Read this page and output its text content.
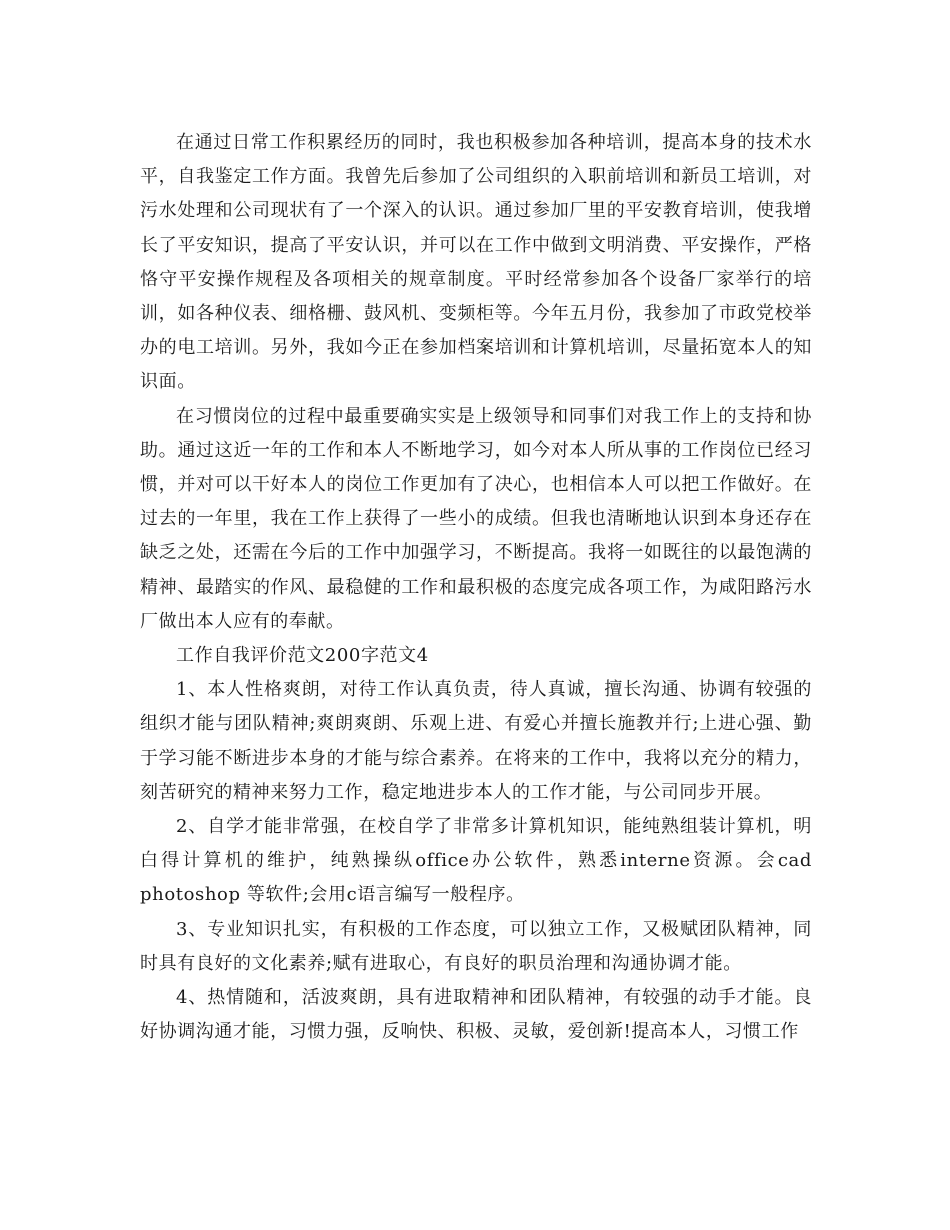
在通过日常工作积累经历的同时，我也积极参加各种培训，提高本身的技术水平，自我鉴定工作方面。我曾先后参加了公司组织的入职前培训和新员工培训，对污水处理和公司现状有了一个深入的认识。通过参加厂里的平安教育培训，使我增长了平安知识，提高了平安认识，并可以在工作中做到文明消费、平安操作，严格恪守平安操作规程及各项相关的规章制度。平时经常参加各个设备厂家举行的培训，如各种仪表、细格栅、鼓风机、变频柜等。今年五月份，我参加了市政党校举办的电工培训。另外，我如今正在参加档案培训和计算机培训，尽量拓宽本人的知识面。

在习惯岗位的过程中最重要确实实是上级领导和同事们对我工作上的支持和协助。通过这近一年的工作和本人不断地学习，如今对本人所从事的工作岗位已经习惯，并对可以干好本人的岗位工作更加有了决心，也相信本人可以把工作做好。在过去的一年里，我在工作上获得了一些小的成绩。但我也清晰地认识到本身还存在缺乏之处，还需在今后的工作中加强学习，不断提高。我将一如既往的以最饱满的精神、最踏实的作风、最稳健的工作和最积极的态度完成各项工作，为咸阳路污水厂做出本人应有的奉献。

工作自我评价范文200字范文4

1、本人性格爽朗，对待工作认真负责，待人真诚，擅长沟通、协调有较强的组织才能与团队精神;爽朗爽朗、乐观上进、有爱心并擅长施教并行;上进心强、勤于学习能不断进步本身的才能与综合素养。在将来的工作中，我将以充分的精力，刻苦研究的精神来努力工作，稳定地进步本人的工作才能，与公司同步开展。

2、自学才能非常强，在校自学了非常多计算机知识，能纯熟组装计算机，明白得计算机的维护，纯熟操纵office办公软件，熟悉interne资源。会cad photoshop 等软件;会用c语言编写一般程序。

3、专业知识扎实，有积极的工作态度，可以独立工作，又极赋团队精神，同时具有良好的文化素养;赋有进取心，有良好的职员治理和沟通协调才能。

4、热情随和，活波爽朗，具有进取精神和团队精神，有较强的动手才能。良好协调沟通才能，习惯力强，反响快、积极、灵敏，爱创新!提高本人，习惯工作
